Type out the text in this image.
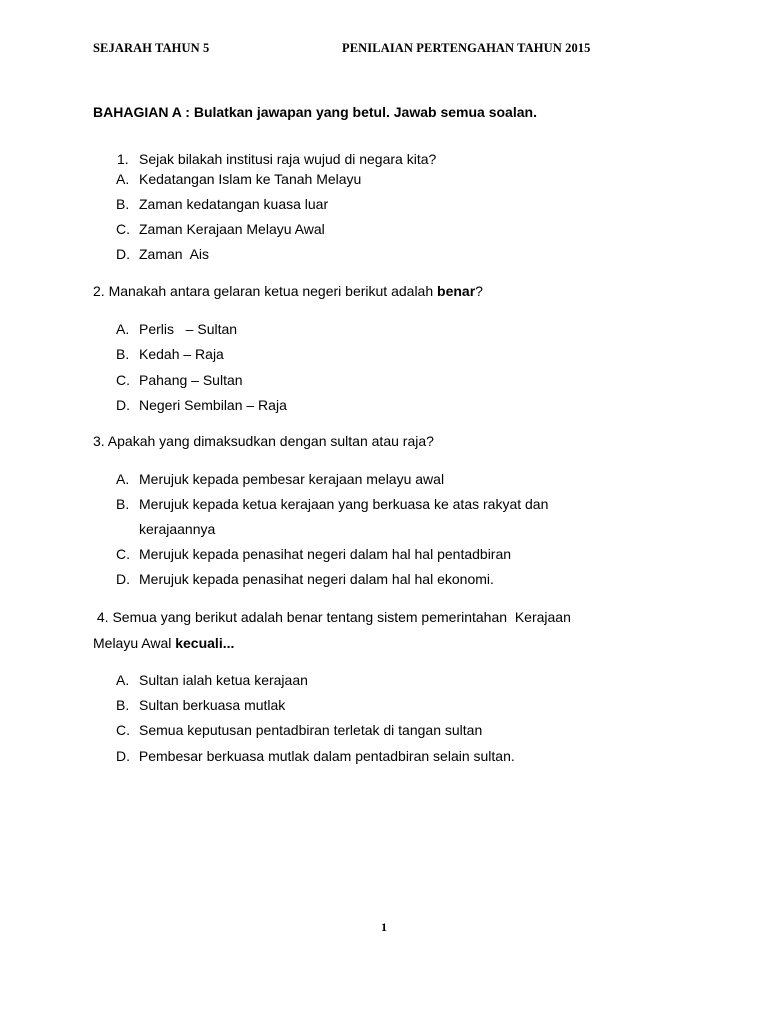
SEJARAH TAHUN 5	PENILAIAN PERTENGAHAN TAHUN 2015
BAHAGIAN A : Bulatkan jawapan yang betul. Jawab semua soalan.
1. Sejak bilakah institusi raja wujud di negara kita?
A. Kedatangan Islam ke Tanah Melayu
B. Zaman kedatangan kuasa luar
C. Zaman Kerajaan Melayu Awal
D. Zaman  Ais
2. Manakah antara gelaran ketua negeri berikut adalah benar?
A. Perlis   – Sultan
B. Kedah – Raja
C. Pahang – Sultan
D. Negeri Sembilan – Raja
3. Apakah yang dimaksudkan dengan sultan atau raja?
A. Merujuk kepada pembesar kerajaan melayu awal
B. Merujuk kepada ketua kerajaan yang berkuasa ke atas rakyat dan
kerajaannya
C. Merujuk kepada penasihat negeri dalam hal hal pentadbiran
D. Merujuk kepada penasihat negeri dalam hal hal ekonomi.
4. Semua yang berikut adalah benar tentang sistem pemerintahan  Kerajaan
Melayu Awal kecuali...
A. Sultan ialah ketua kerajaan
B. Sultan berkuasa mutlak
C. Semua keputusan pentadbiran terletak di tangan sultan
D. Pembesar berkuasa mutlak dalam pentadbiran selain sultan.
1
